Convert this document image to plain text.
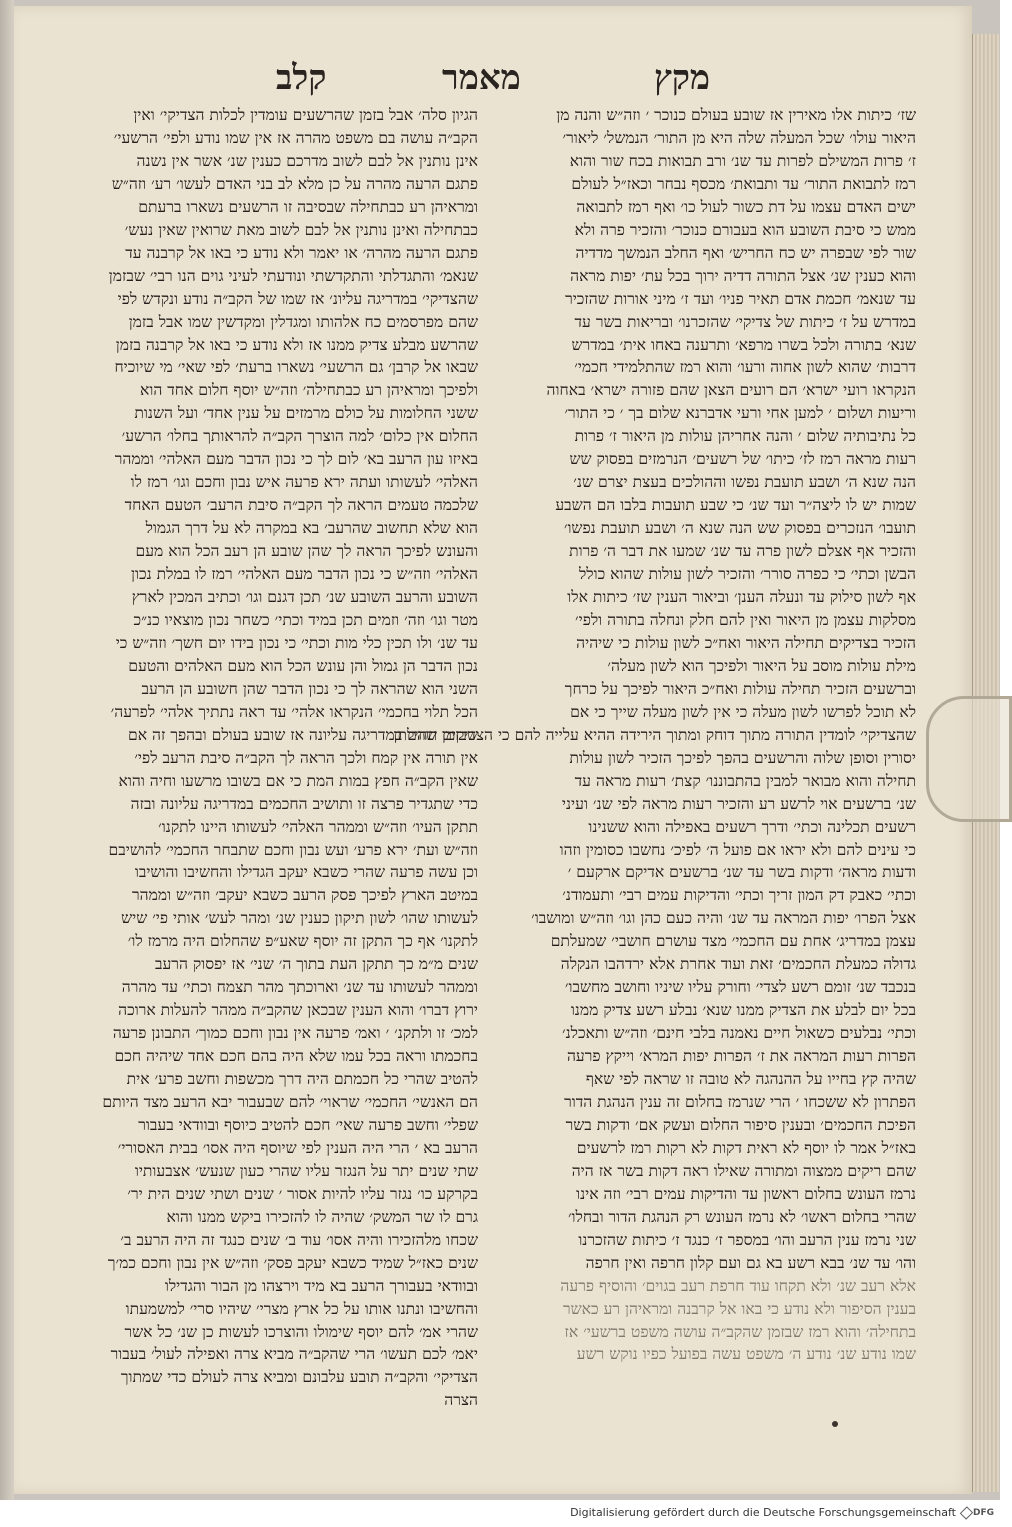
מקץ
מאמר
קלב
שז׳ כיתות אלו מאירין אז שובע בעולם כנוכר ׳ וזה״ש והנה מן
היאור עולו׳ שכל המעלה שלה היא מן התור׳ הנמשל׳ ליאור׳
ז׳ פרות המשילם לפרות עד שנ׳ ורב תבואות בכח שור והוא
רמז לתבואת התור׳ עד ותבואת׳ מכסף נבחר וכאז״ל לעולם
ישים האדם עצמו על דת כשור לעול כו׳ ואף רמז לתבואה
ממש כי סיבת השובע הוא בעבורם כנוכר׳ והזכיר פרה ולא
שור לפי שבפרה יש כח החריש׳ ואף החלב הנמשך מדדיה
והוא כענין שנ׳ אצל התורה דדיה ירוך בכל עת׳ יפות מראה
עד שנאמ׳ חכמת אדם תאיר פניו׳ ועד ז׳ מיני אורות שהזכיר
במדרש על ז׳ כיתות של צדיקי׳ שהזכרנו׳ ובריאות בשר עד
שנא׳ בתורה ולכל בשרו מרפא׳ ותרענה באחו אית׳ במדרש
דרבות׳ שהוא לשון אחוה ורעו׳ והוא רמז שהתלמידי חכמי׳
הנקראו רועי ישרא׳ הם רועים הצאן שהם פזורה ישרא׳ באחוה
וריעות ושלום ׳ למען אחי ורעי אדברנא שלום בך ׳ כי התור׳
כל נתיבותיה שלום ׳ והנה אחריהן עולות מן היאור ז׳ פרות
רעות מראה רמז לז׳ כיתו׳ של רשעים׳ הנרמזים בפסוק שש
הנה שנא ה׳ ושבע תועבת נפשו וההולכים בעצת יצרם שנ׳
שמות יש לו ליצה״ר ועד שנ׳ כי שבע תועבות בלבו הם השבע
תועבו׳ הנזכרים בפסוק שש הנה שנא ה׳ ושבע תועבת נפשו׳
והזכיר אף אצלם לשון פרה עד שנ׳ שמעו את דבר ה׳ פרות
הבשן וכתי׳ כי כפרה סורר׳ והזכיר לשון עולות שהוא כולל
אף לשון סילוק עד ונעלה הענן׳ וביאור הענין שז׳ כיתות אלו
מסלקות עצמן מן היאור ואין להם חלק ונחלה בתורה ולפי׳
הזכיר בצדיקים תחילה היאור ואח״כ לשון עולות כי שיהיה
מילת עולות מוסב על היאור ולפיכך הוא לשון מעלה׳
וברשעים הזכיר תחילה עולות ואח״כ היאור לפיכך על כרחך
לא תוכל לפרשו לשון מעלה כי אין לשון מעלה שייך כי אם
שהצדיקי׳ לומדין התורה מתוך דוחק ומתוך הירידה ההיא עלייה להם כי הצדיקים תחילתן
יסורין וסופן שלוה והרשעים בהפך לפיכך הזכיר לשון עולות
תחילה והוא מבואר למבין בהתבוננו׳ קצת׳ רעות מראה עד
שנ׳ ברשעים אוי לרשע רע והזכיר רעות מראה לפי שנ׳ ועיני
רשעים תכלינה וכתי׳ ודרך רשעים באפילה והוא ששנינו
כי עינים להם ולא יראו אם פועל ה׳ לפיכ׳ נחשבו כסומין וזהו
ודעות מראה׳ ודקות בשר עד שנ׳ ברשעים אדיקם ארקעם ׳
וכתי׳ כאבק דק המון זריך וכתי׳ והדיקות עמים רבי׳ ותעמודנ׳
אצל הפרו׳ יפות המראה עד שנ׳ והיה כעם כהן וגו׳ וזה״ש ומושבו׳
עצמן במדריג׳ אחת עם החכמי׳ מצד עושרם חושבי׳ שמעלתם
גדולה כמעלת החכמים׳ זאת ועוד אחרת אלא ירדהבו הנקלה
בנכבד שנ׳ זומם רשע לצדי׳ וחורק עליו שיניו וחושב מחשבו׳
בכל יום לבלע את הצדיק ממנו שנא׳ נבלע רשע צדיק ממנו
וכתי׳ נבלעים כשאול חיים נאמנה בלבי חינם׳ וזה״ש ותאכלנ׳
הפרות רעות המראה את ז׳ הפרות יפות המרא׳ וייקץ פרעה
שהיה קץ בחייו על ההנהגה לא טובה זו שראה לפי שאף
הפתרון לא ששכחו ׳ הרי שנרמז בחלום זה ענין הנהגת הדור
הפיכת החכמים׳ ובענין סיפור החלום ועשק אם׳ ודקות בשר
באז״ל אמר לו יוסף לא ראית דקות לא רקות רמז לרשעים
שהם ריקים ממצוה ומתורה שאילו ראה דקות בשר אז היה
נרמז העונש בחלום ראשון עד והדיקות עמים רבי׳ וזה אינו
שהרי בחלום ראשו׳ לא נרמז העונש רק הנהגת הדור ובחלו׳
שני נרמז ענין הרעב והו׳ במספר ז׳ כנגד ז׳ כיתות שהזכרנו
והו׳ עד שנ׳ בבא רשע בא גם ועם קלון חרפה ואין חרפה
אלא רעב שנ׳ ולא תקחו עוד חרפת רעב בגוים׳ והוסיף פרעה
בענין הסיפור ולא נודע כי באו אל קרבנה ומראיהן רע כאשר
בתחילה׳ והוא רמז שבזמן שהקב״ה עושה משפט ברשעי׳ אז
שמו נודע שנ׳ נודע ה׳ משפט עשה בפועל כפיו נוקש רשע
הגיון סלה׳ אבל בזמן שהרשעים עומדין לכלות הצדיקי׳ ואין
הקב״ה עושה בם משפט מהרה אז אין שמו נודע ולפי׳ הרשעי׳
אינן נותנין אל לבם לשוב מדרכם כענין שנ׳ אשר אין נשנה
פתגם הרעה מהרה על כן מלא לב בני האדם לעשו׳ רע׳ וזה״ש
ומראיהן רע כבתחילה שבסיבה זו הרשעים נשארו ברעתם
כבתחילה ואינן נותנין אל לבם לשוב מאת שרואין שאין נעש׳
פתגם הרעה מהרה׳ או יאמר ולא נודע כי באו אל קרבנה עד
שנאמ׳ והתגדלתי והתקדשתי ונודעתי לעיני גוים הנו רבי׳ שבזמן
שהצדיקי׳ במדריגה עליונ׳ אז שמו של הקב״ה נודע ונקדש לפי
שהם מפרסמים כח אלהותו ומגדלין ומקדשין שמו אבל בזמן
שהרשע מבלע צדיק ממנו אז ולא נודע כי באו אל קרבנה בזמן
שבאו אל קרבן׳ גם הרשעי׳ נשארו ברעת׳ לפי שאי׳ מי שיוכיח
ולפיכך ומראיהן רע כבתחילה׳ וזה״ש יוסף חלום אחד הוא
ששני החלומות על כולם מרמזים על ענין אחד׳ ועל השנות
החלום אין כלום׳ למה הוצרך הקב״ה להראותך בחלו׳ הרשע׳
באיזו עון הרעב בא׳ לום לך כי נכון הדבר מעם האלהי׳ וממהר
האלהי׳ לעשותו ועתה ירא פרעה איש נבון וחכם וגו׳ רמז לו
שלכמה טעמים הראה לך הקב״ה סיבת הרעב׳ הטעם האחד
הוא שלא תחשוב שהרעב׳ בא במקרה לא על דרך הגמול
והעונש לפיכך הראה לך שהן שובע הן רעב הכל הוא מעם
האלהי׳ וזה״ש כי נכון הדבר מעם האלהי׳ רמז לו במלת נכון
השובע והרעב השובע שנ׳ תכן דגנם וגו׳ וכתיב המכין לארץ
מטר וגו׳ וזה׳ וזמים תכן במיד וכתי׳ כשחר נכון מוצאיו כנ״כ
עד שנ׳ ולו תכין כלי מות וכתי׳ כי נכון בידו יום חשך׳ וזה״ש כי
נכון הדבר הן גמול והן עונש הכל הוא מעם האלהים והטעם
השני הוא שהראה לך כי נכון הדבר שהן חשובע הן הרעב
הכל תלוי בחכמי׳ הנקראו אלהי׳ עד ראה נתתיך אלהי׳ לפרעה׳
שבזמן שהם במדריגה עליונה אז שובע בעולם ובהפך זה אם
אין תורה אין קמח ולכך הראה לך הקב״ה סיבת הרעב לפי׳
שאין הקב״ה חפץ במות המת כי אם בשובו מרשעו וחיה והוא
כדי שתגדיר פרצה זו ותושיב החכמים במדריגה עליונה ובזה
תתקן העיו׳ וזה״ש וממהר האלהי׳ לעשותו היינו לתקנו׳
וזה״ש ועת׳ ירא פרע׳ ועש נבון וחכם שתבחר החכמי׳ להושיבם
וכן עשה פרעה שהרי כשבא יעקב הגדילו והחשיבו והושיבו
במיטב הארץ לפיכך פסק הרעב כשבא יעקב׳ וזה״ש וממהר
לעשותו שהו׳ לשון תיקון כענין שנ׳ ומהר לעש׳ אותי פי׳ שיש
לתקנו׳ אף כך התקן זה יוסף שאע״פ שהחלום היה מרמז לו׳
שנים מ״מ כך תתקן העת בתוך ה׳ שני׳ אז יפסוק הרעב
וממהר לעשותו עד שנ׳ וארוכתך מהר תצמח וכתי׳ עד מהרה
ירוץ דברו׳ והוא הענין שבכאן שהקב״ה ממהר להעלות ארוכה
למכ׳ זו ולתקנ׳ ׳ ואמ׳ פרעה אין נבון וחכם כמוך׳ התבונן פרעה
בחכמתו וראה בכל עמו שלא היה בהם חכם אחד שיהיה חכם
להטיב שהרי כל חכמתם היה דרך מכשפות וחשב פרע׳ אית
הם האנשי׳ החכמי׳ שראוי׳ להם שבעבור יבא הרעב מצד היותם
שפלי׳ וחשב פרעה שאי׳ חכם להטיב כיוסף ובוודאי בעבור
הרעב בא ׳ הרי היה הענין לפי שיוסף היה אסו׳ בבית האסורי׳
שתי שנים יתר על הנגזר עליו שהרי כעון שנעש׳ אצבעותיו
בקרקע כו׳ נגזר עליו להיות אסור ׳ שנים ושתי שנים הית יר׳
גרם לו שר המשק׳ שהיה לו להזכירו ביקש ממנו והוא
שכחו מלהזכירו והיה אסו׳ עוד ב׳ שנים כנגד זה היה הרעב ב׳
שנים כאז״ל שמיד כשבא יעקב פסק׳ וזה״ש אין נבון וחכם כמ׳ך
ובוודאי בעבורך הרעב בא מיד וירצהו מן הבור והגדילו
והחשיבו ונתנו אותו על כל ארץ מצרי׳ שיהיו סרי׳ למשמעתו
שהרי אמ׳ להם יוסף שימולו והוצרכו לעשות כן שנ׳ כל אשר
יאמ׳ לכם תעשו׳ הרי שהקב״ה מביא צרה ואפילה לעול׳ בעבור
הצדיקי׳ והקב״ה תובע עלבונם ומביא צרה לעולם כדי שמתוך
הצרה
Digitalisierung gefördert durch die Deutsche Forschungsgemeinschaft DFG
